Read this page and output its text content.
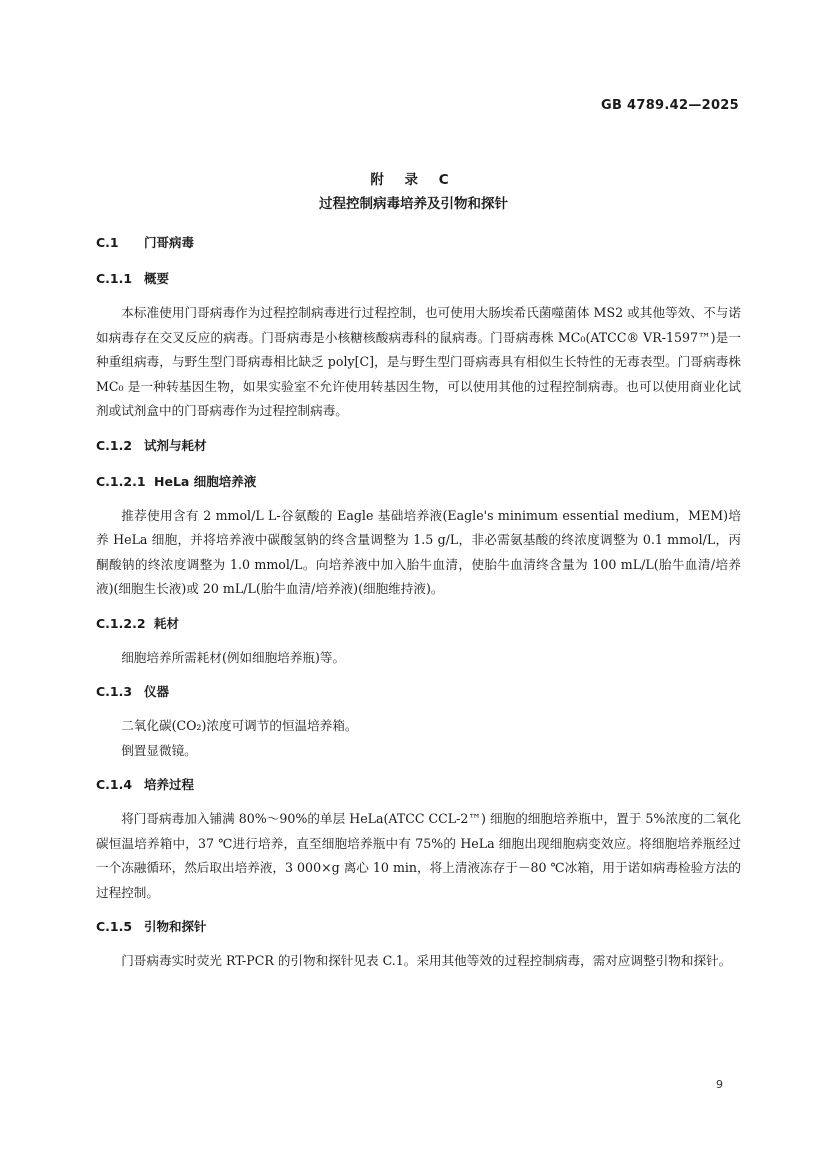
GB 4789.42—2025
附 录 C
过程控制病毒培养及引物和探针
C.1 门哥病毒
C.1.1 概要

本标准使用门哥病毒作为过程控制病毒进行过程控制，也可使用大肠埃希氏菌噬菌体 MS2 或其他等效、不与诺如病毒存在交叉反应的病毒。门哥病毒是小核糖核酸病毒科的鼠病毒。门哥病毒株 MC₀(ATCC® VR-1597™)是一种重组病毒，与野生型门哥病毒相比缺乏 poly[C]，是与野生型门哥病毒具有相似生长特性的无毒表型。门哥病毒株 MC₀ 是一种转基因生物，如果实验室不允许使用转基因生物，可以使用其他的过程控制病毒。也可以使用商业化试剂或试剂盒中的门哥病毒作为过程控制病毒。

C.1.2 试剂与耗材
C.1.2.1 HeLa 细胞培养液

推荐使用含有 2 mmol/L L-谷氨酸的 Eagle 基础培养液(Eagle's minimum essential medium，MEM)培养 HeLa 细胞，并将培养液中碳酸氢钠的终含量调整为 1.5 g/L，非必需氨基酸的终浓度调整为 0.1 mmol/L，丙酮酸钠的终浓度调整为 1.0 mmol/L。向培养液中加入胎牛血清，使胎牛血清终含量为 100 mL/L(胎牛血清/培养液)(细胞生长液)或 20 mL/L(胎牛血清/培养液)(细胞维持液)。

C.1.2.2 耗材

细胞培养所需耗材(例如细胞培养瓶)等。

C.1.3 仪器

二氧化碳(CO₂)浓度可调节的恒温培养箱。

倒置显微镜。

C.1.4 培养过程

将门哥病毒加入铺满 80%～90%的单层 HeLa(ATCC CCL-2™) 细胞的细胞培养瓶中，置于 5%浓度的二氧化碳恒温培养箱中，37 ℃进行培养，直至细胞培养瓶中有 75%的 HeLa 细胞出现细胞病变效应。将细胞培养瓶经过一个冻融循环，然后取出培养液，3 000×g 离心 10 min，将上清液冻存于－80 ℃冰箱，用于诺如病毒检验方法的过程控制。

C.1.5 引物和探针

门哥病毒实时荧光 RT-PCR 的引物和探针见表 C.1。采用其他等效的过程控制病毒，需对应调整引物和探针。

9
